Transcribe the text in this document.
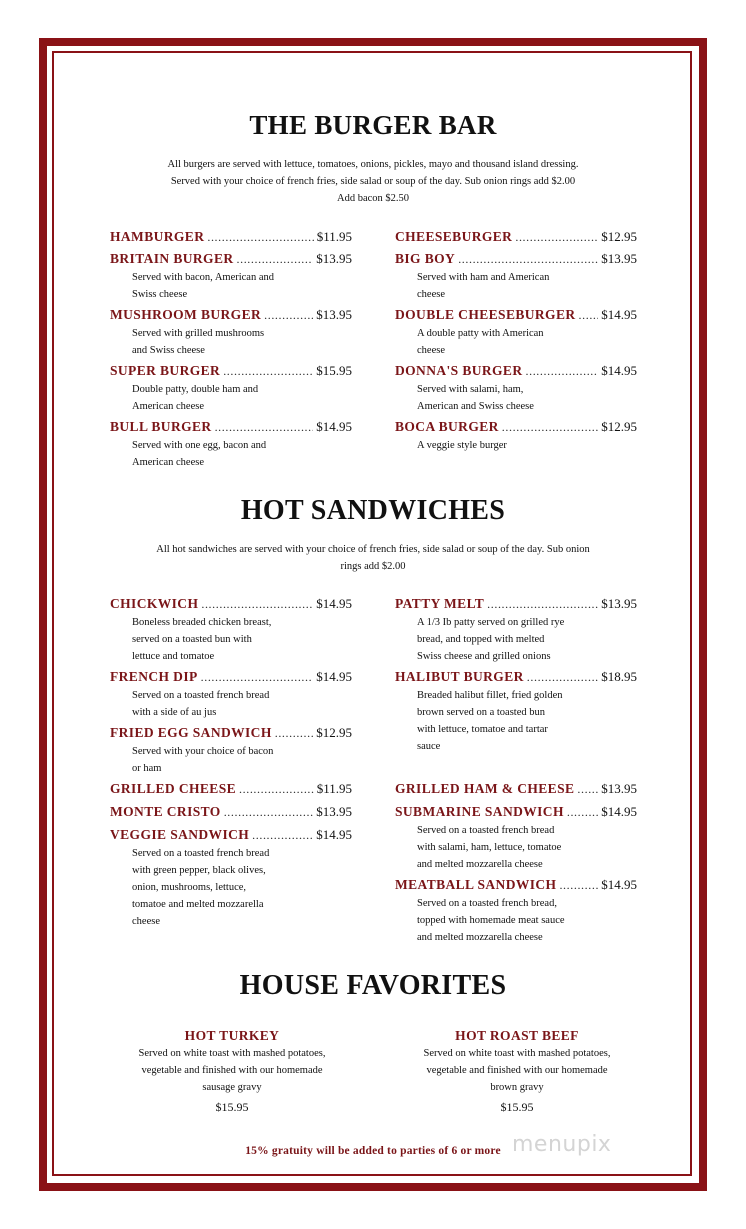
THE BURGER BAR
All burgers are served with lettuce, tomatoes, onions, pickles, mayo and thousand island dressing.
Served with your choice of french fries, side salad or soup of the day. Sub onion rings add $2.00
Add bacon $2.50
HAMBURGER .....	$11.95
BRITAIN BURGER .....	$13.95
Served with bacon, American and
Swiss cheese
MUSHROOM BURGER .....	$13.95
Served with grilled mushrooms
and Swiss cheese
SUPER BURGER .....	$15.95
Double patty, double ham and
American cheese
BULL BURGER .....	$14.95
Served with one egg, bacon and
American cheese
CHEESEBURGER .....	$12.95
BIG BOY .....	$13.95
Served with ham and American
cheese
DOUBLE CHEESEBURGER ..... $14.95
A double patty with American
cheese
DONNA'S BURGER .....	$14.95
Served with salami, ham,
American and Swiss cheese
BOCA BURGER .....	$12.95
A veggie style burger
HOT SANDWICHES
All hot sandwiches are served with your choice of french fries, side salad or soup of the day. Sub onion
rings add $2.00
CHICKWICH .....	$14.95
Boneless breaded chicken breast,
served on a toasted bun with
lettuce and tomatoe
FRENCH DIP .....	$14.95
Served on a toasted french bread
with a side of au jus
FRIED EGG SANDWICH .....	$12.95
Served with your choice of bacon
or ham
GRILLED CHEESE .....	$11.95
MONTE CRISTO .....	$13.95
VEGGIE SANDWICH .....	$14.95
Served on a toasted french bread
with green pepper, black olives,
onion, mushrooms, lettuce,
tomatoe and melted mozzarella
cheese
PATTY MELT .....	$13.95
A 1/3 Ib patty served on grilled rye
bread, and topped with melted
Swiss cheese and grilled onions
HALIBUT BURGER .....	$18.95
Breaded halibut fillet, fried golden
brown served on a toasted bun
with lettuce, tomatoe and tartar
sauce
GRILLED HAM & CHEESE ..... $13.95
SUBMARINE SANDWICH .....	$14.95
Served on a toasted french bread
with salami, ham, lettuce, tomatoe
and melted mozzarella cheese
MEATBALL SANDWICH .....	$14.95
Served on a toasted french bread,
topped with homemade meat sauce
and melted mozzarella cheese
HOUSE FAVORITES
HOT TURKEY
Served on white toast with mashed potatoes,
vegetable and finished with our homemade
sausage gravy
$15.95
HOT ROAST BEEF
Served on white toast with mashed potatoes,
vegetable and finished with our homemade
brown gravy
$15.95
15% gratuity will be added to parties of 6 or more menupix
